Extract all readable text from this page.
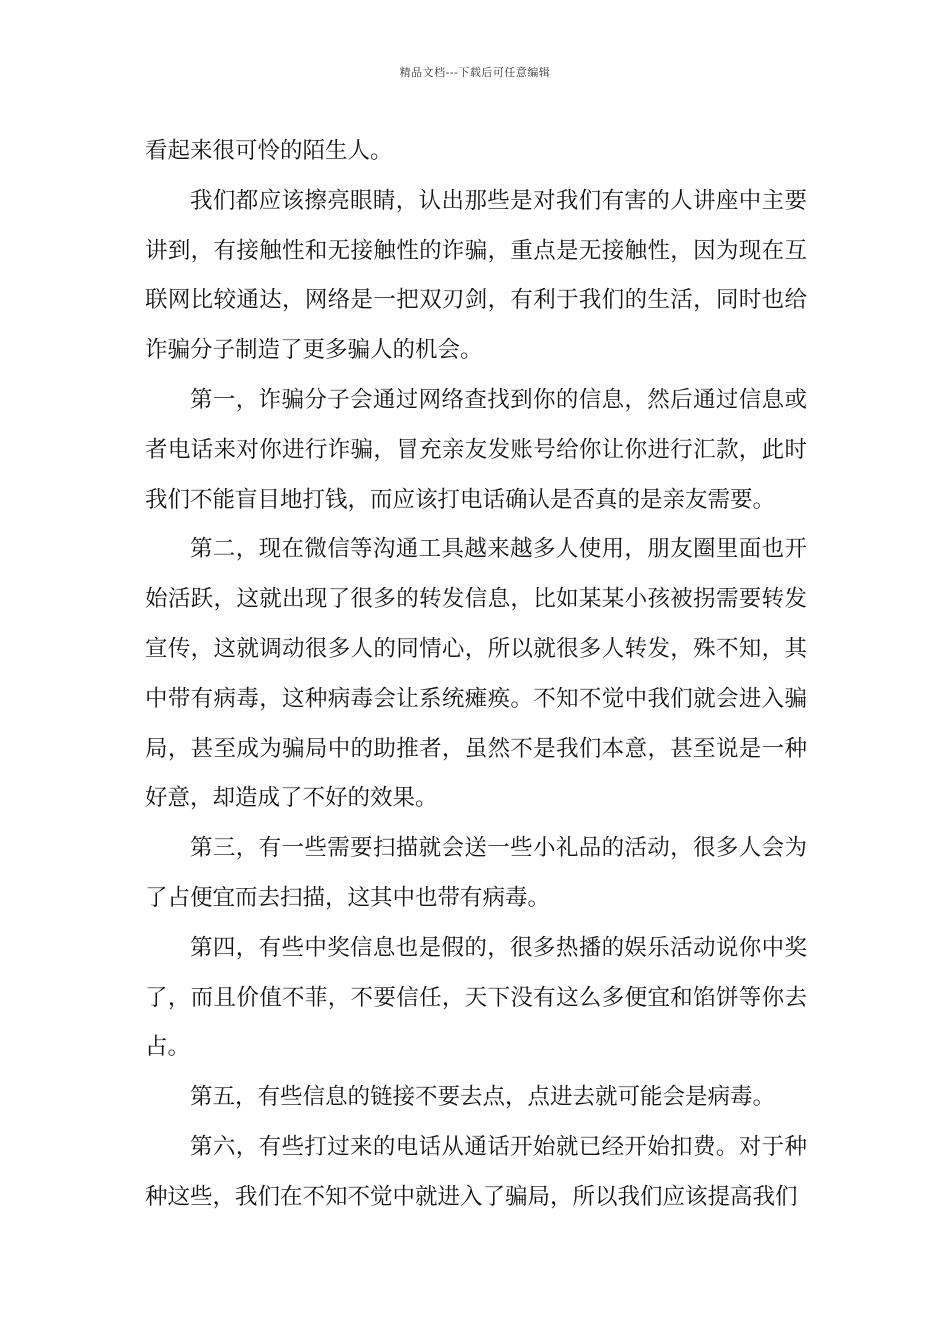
精品文档---下载后可任意编辑

看起来很可怜的陌生人。

我们都应该擦亮眼睛，认出那些是对我们有害的人讲座中主要讲到，有接触性和无接触性的诈骗，重点是无接触性，因为现在互联网比较通达，网络是一把双刃剑，有利于我们的生活，同时也给诈骗分子制造了更多骗人的机会。

第一，诈骗分子会通过网络查找到你的信息，然后通过信息或者电话来对你进行诈骗，冒充亲友发账号给你让你进行汇款，此时我们不能盲目地打钱，而应该打电话确认是否真的是亲友需要。

第二，现在微信等沟通工具越来越多人使用，朋友圈里面也开始活跃，这就出现了很多的转发信息，比如某某小孩被拐需要转发宣传，这就调动很多人的同情心，所以就很多人转发，殊不知，其中带有病毒，这种病毒会让系统瘫痪。不知不觉中我们就会进入骗局，甚至成为骗局中的助推者，虽然不是我们本意，甚至说是一种好意，却造成了不好的效果。

第三，有一些需要扫描就会送一些小礼品的活动，很多人会为了占便宜而去扫描，这其中也带有病毒。

第四，有些中奖信息也是假的，很多热播的娱乐活动说你中奖了，而且价值不菲，不要信任，天下没有这么多便宜和馅饼等你去占。

第五，有些信息的链接不要去点，点进去就可能会是病毒。

第六，有些打过来的电话从通话开始就已经开始扣费。对于种种这些，我们在不知不觉中就进入了骗局，所以我们应该提高我们
